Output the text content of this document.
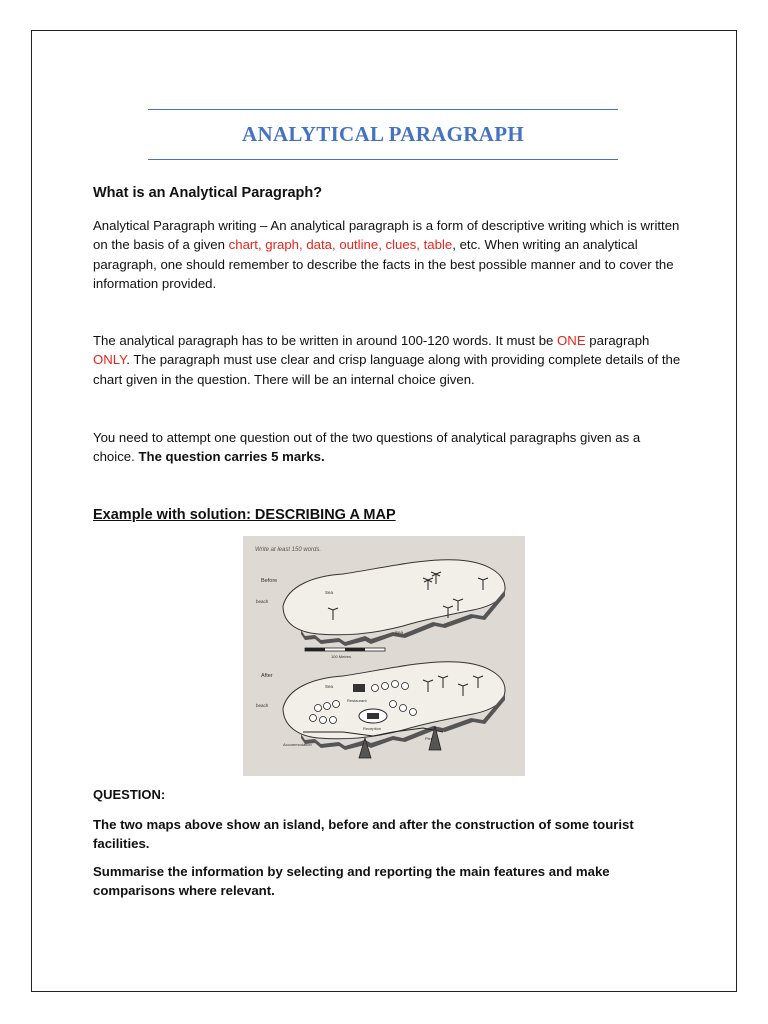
ANALYTICAL PARAGRAPH
What is an Analytical Paragraph?

Analytical Paragraph writing – An analytical paragraph is a form of descriptive writing which is written on the basis of a given chart, graph, data, outline, clues, table, etc. When writing an analytical paragraph, one should remember to describe the facts in the best possible manner and to cover the information provided.

The analytical paragraph has to be written in around 100-120 words. It must be ONE paragraph ONLY. The paragraph must use clear and crisp language along with providing complete details of the chart given in the question. There will be an internal choice given.

You need to attempt one question out of the two questions of analytical paragraphs given as a choice. The question carries 5 marks.

Example with solution: DESCRIBING A MAP
Write at least 150 words.
Before
beach
Sea
Sea
100 Metres
After
Sea
beach
Restaurant
Reception
Accommodation
Pier
QUESTION:

The two maps above show an island, before and after the construction of some tourist facilities.

Summarise the information by selecting and reporting the main features and make comparisons where relevant.
